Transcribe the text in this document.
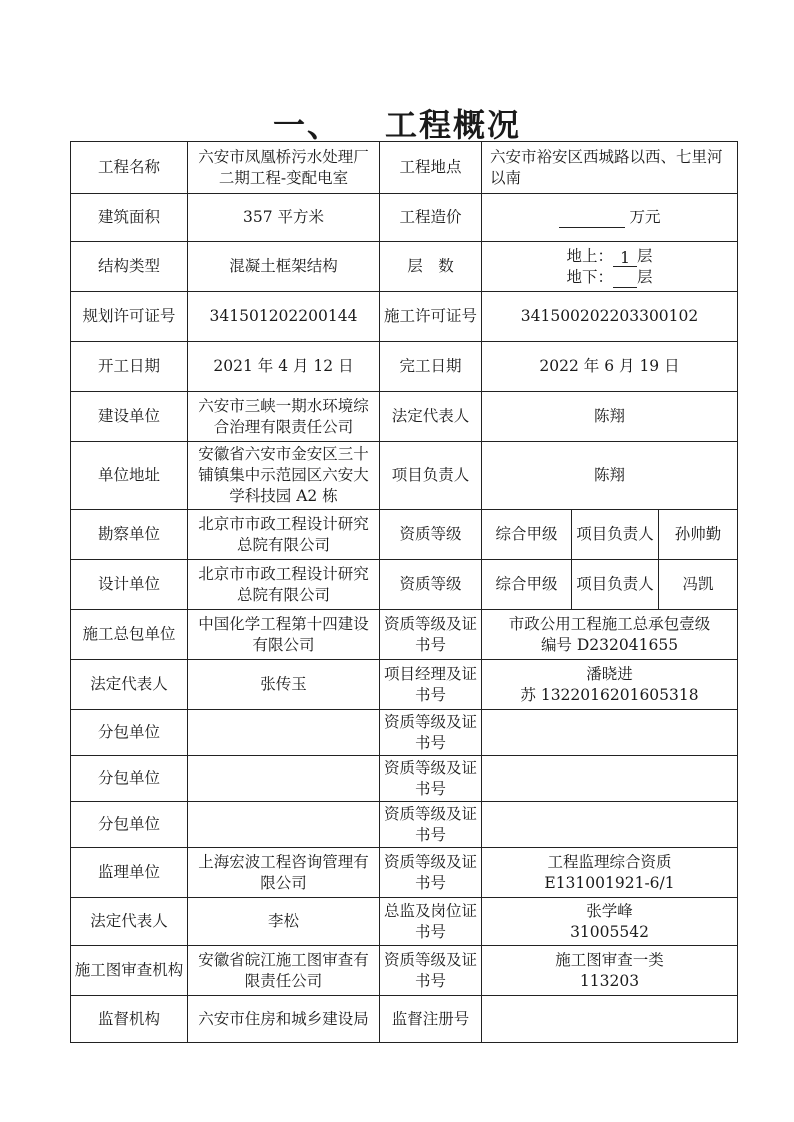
一、 工程概况
工程名称	六安市凤凰桥污水处理厂二期工程-变配电室	工程地点	六安市裕安区西城路以西、七里河以南		
建筑面积	357 平方米	工程造价	万元		
结构类型	混凝土框架结构	层　数	地上： 1 层
地下： 层		

规划许可证号	341501202200144	施工许可证号	341500202203300102		
开工日期	2021 年 4 月 12 日	完工日期	2022 年 6 月 19 日		
建设单位	六安市三峡一期水环境综合治理有限责任公司	法定代表人	陈翔		
单位地址	安徽省六安市金安区三十铺镇集中示范园区六安大学科技园 A2 栋	项目负责人	陈翔		
勘察单位	北京市市政工程设计研究总院有限公司	资质等级	综合甲级	项目负责人	孙帅勤
设计单位	北京市市政工程设计研究总院有限公司	资质等级	综合甲级	项目负责人	冯凯
施工总包单位	中国化学工程第十四建设有限公司	资质等级及证书号	市政公用工程施工总承包壹级
编号 D232041655		

法定代表人	张传玉	项目经理及证书号	潘晓进
苏 1322016201605318		

分包单位		资质等级及证书号			
分包单位		资质等级及证书号			
分包单位		资质等级及证书号			
监理单位	上海宏波工程咨询管理有限公司	资质等级及证书号	工程监理综合资质
E131001921-6/1		

法定代表人	李松	总监及岗位证书号	张学峰
31005542		

施工图审查机构	安徽省皖江施工图审查有限责任公司	资质等级及证书号	施工图审查一类
113203		

监督机构	六安市住房和城乡建设局	监督注册号			
